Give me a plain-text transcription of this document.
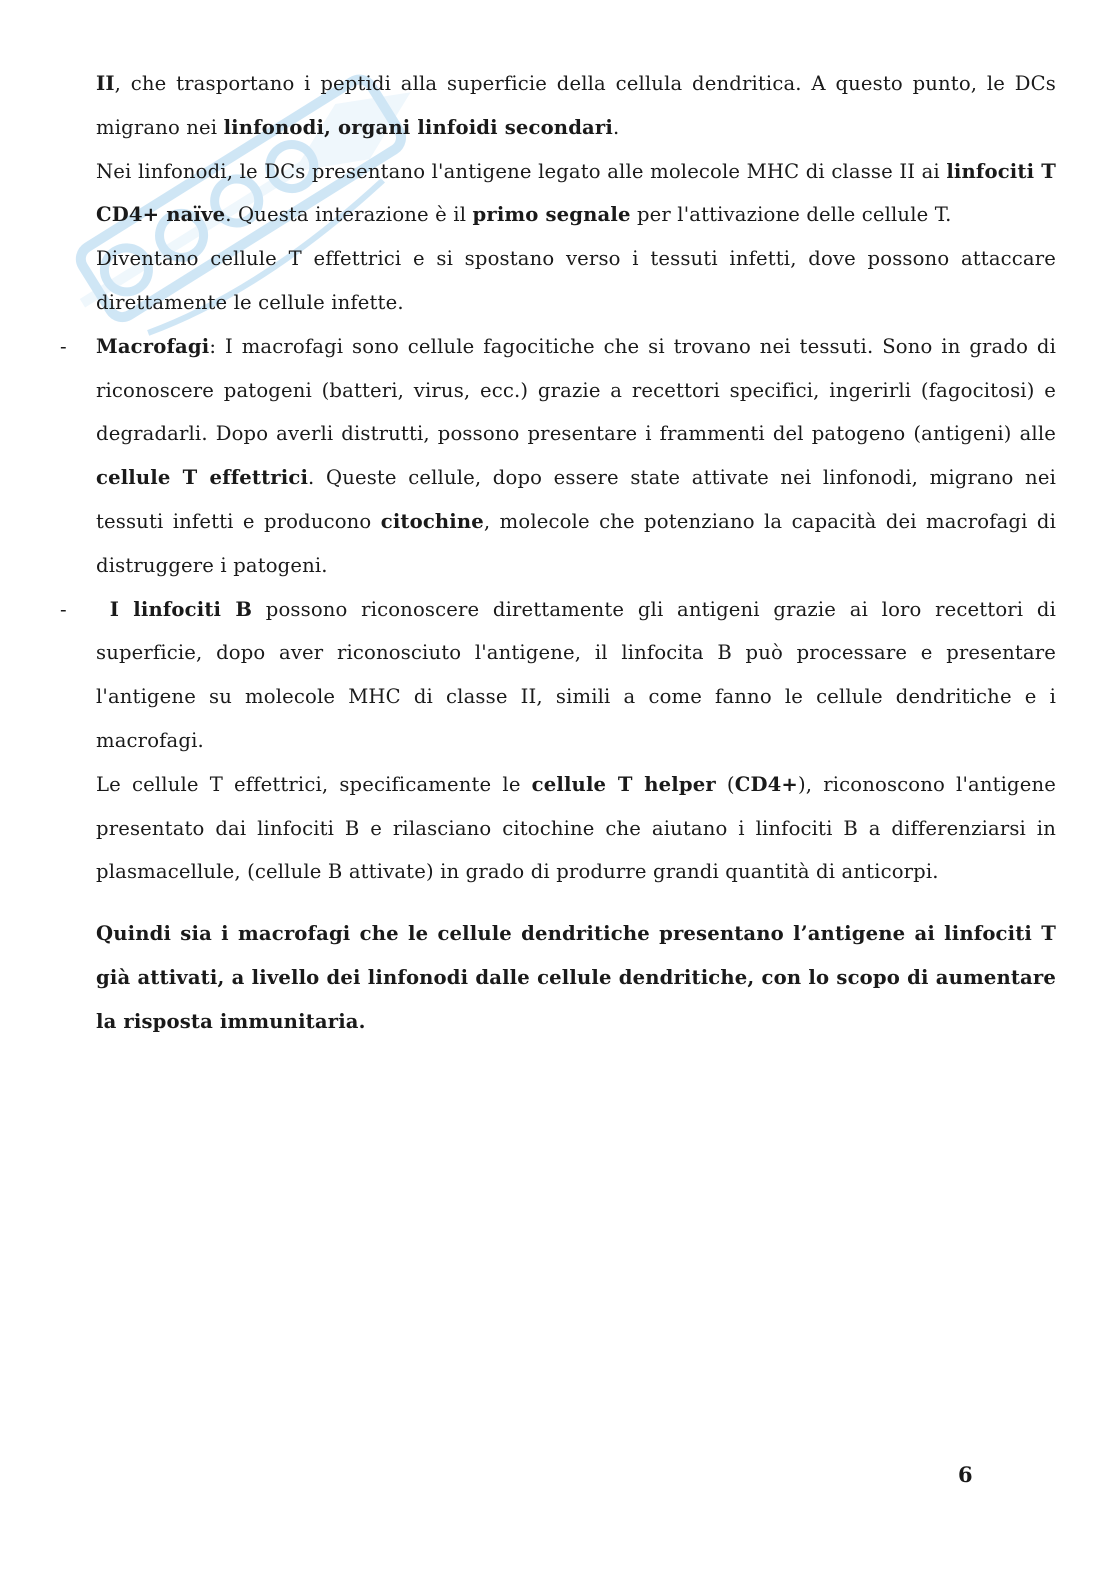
II, che trasportano i peptidi alla superficie della cellula dendritica. A questo punto, le DCs migrano nei linfonodi, organi linfoidi secondari.

Nei linfonodi, le DCs presentano l'antigene legato alle molecole MHC di classe II ai linfociti T CD4+ naïve. Questa interazione è il primo segnale per l'attivazione delle cellule T.

Diventano cellule T effettrici e si spostano verso i tessuti infetti, dove possono attaccare direttamente le cellule infette.

- Macrofagi: I macrofagi sono cellule fagocitiche che si trovano nei tessuti. Sono in grado di riconoscere patogeni (batteri, virus, ecc.) grazie a recettori specifici, ingerirli (fagocitosi) e degradarli. Dopo averli distrutti, possono presentare i frammenti del patogeno (antigeni) alle cellule T effettrici. Queste cellule, dopo essere state attivate nei linfonodi, migrano nei tessuti infetti e producono citochine, molecole che potenziano la capacità dei macrofagi di distruggere i patogeni.

- I linfociti B possono riconoscere direttamente gli antigeni grazie ai loro recettori di superficie, dopo aver riconosciuto l'antigene, il linfocita B può processare e presentare l'antigene su molecole MHC di classe II, simili a come fanno le cellule dendritiche e i macrofagi.

Le cellule T effettrici, specificamente le cellule T helper (CD4+), riconoscono l'antigene presentato dai linfociti B e rilasciano citochine che aiutano i linfociti B a differenziarsi in plasmacellule, (cellule B attivate) in grado di produrre grandi quantità di anticorpi.

Quindi sia i macrofagi che le cellule dendritiche presentano l’antigene ai linfociti T già attivati, a livello dei linfonodi dalle cellule dendritiche, con lo scopo di aumentare la risposta immunitaria.

6
